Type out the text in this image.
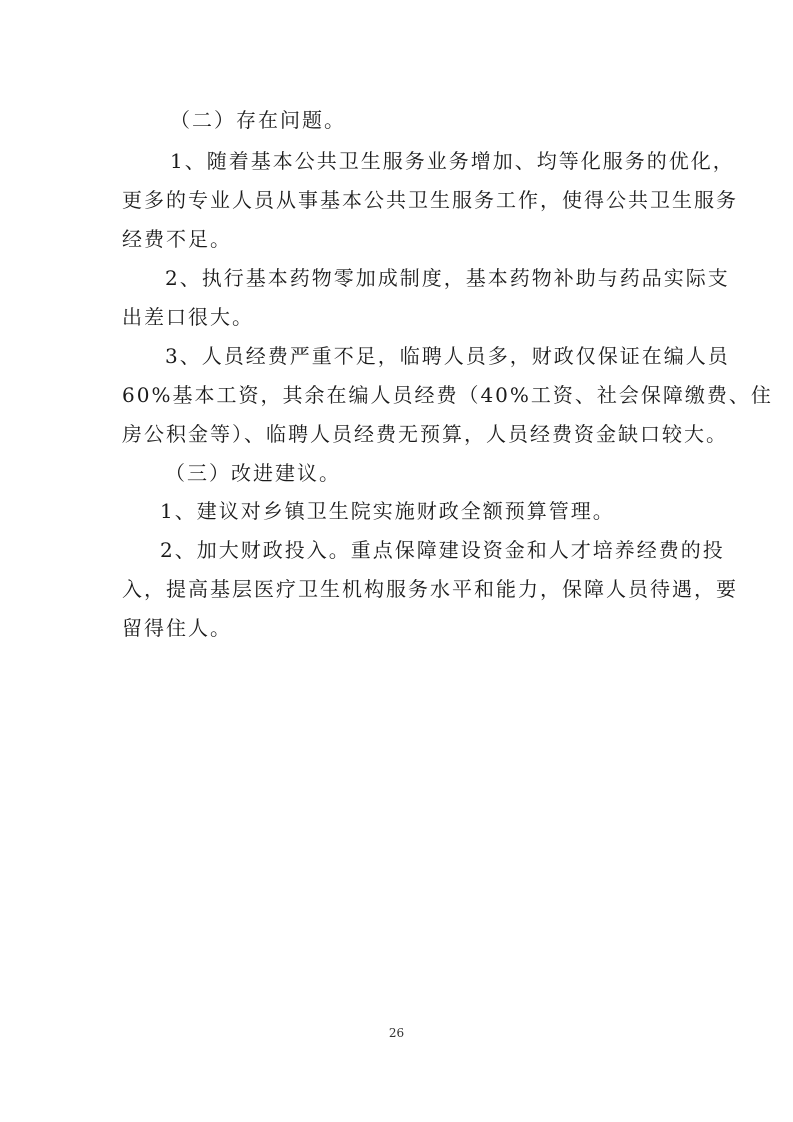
（二）存在问题。
1、随着基本公共卫生服务业务增加、均等化服务的优化，
更多的专业人员从事基本公共卫生服务工作，使得公共卫生服务
经费不足。
2、执行基本药物零加成制度，基本药物补助与药品实际支
出差口很大。
3、人员经费严重不足，临聘人员多，财政仅保证在编人员
60%基本工资，其余在编人员经费（40%工资、社会保障缴费、住
房公积金等）、临聘人员经费无预算，人员经费资金缺口较大。
（三）改进建议。
1、建议对乡镇卫生院实施财政全额预算管理。
2、加大财政投入。重点保障建设资金和人才培养经费的投
入，提高基层医疗卫生机构服务水平和能力，保障人员待遇，要
留得住人。
26
